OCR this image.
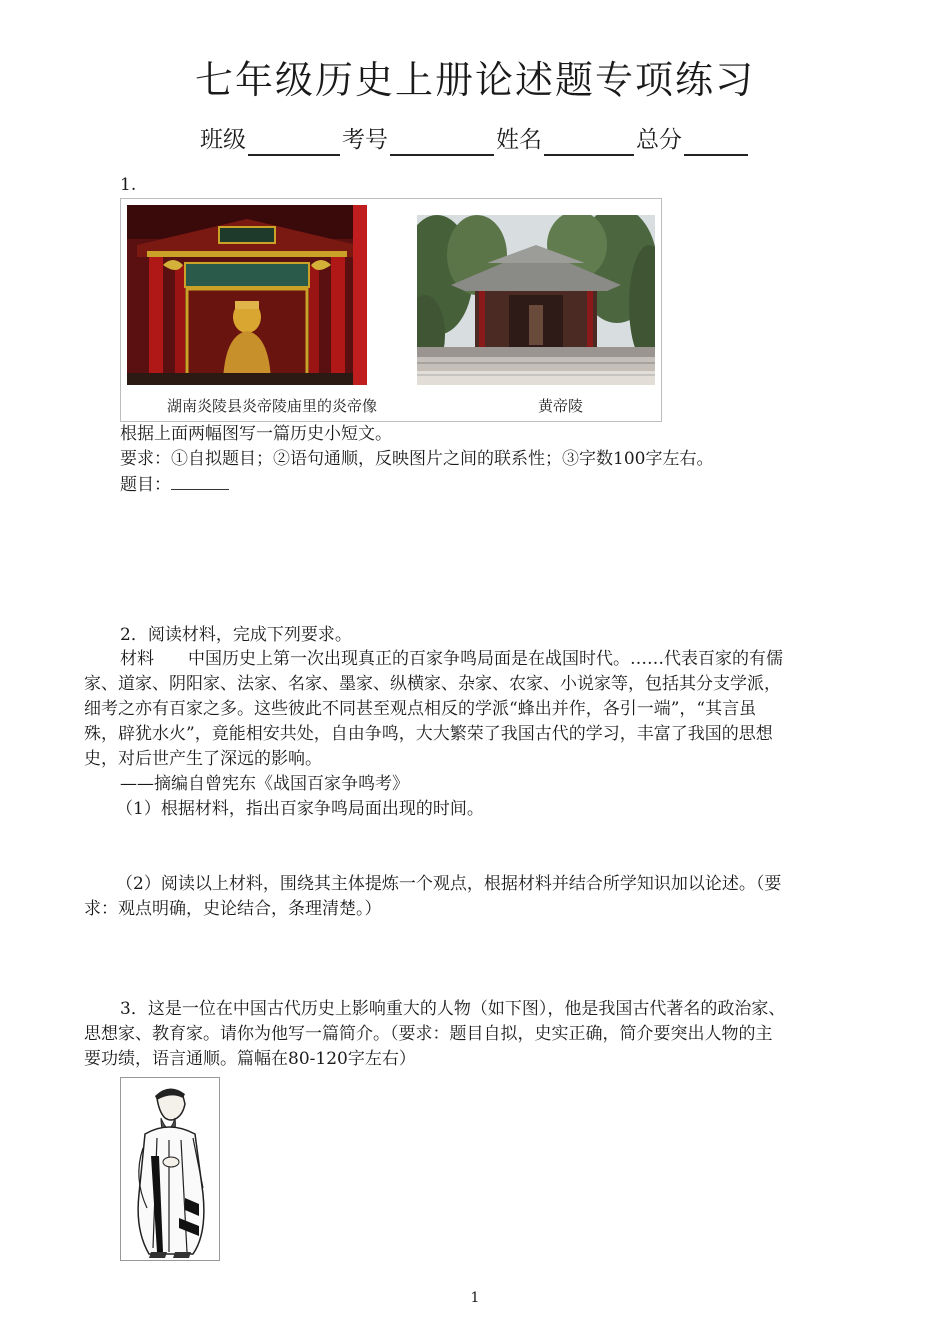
七年级历史上册论述题专项练习
班级	考号	姓名	总分
1.
湖南炎陵县炎帝陵庙里的炎帝像	黄帝陵
根据上面两幅图写一篇历史小短文。
要求：①自拟题目；②语句通顺，反映图片之间的联系性；③字数100字左右。
题目：
2．阅读材料，完成下列要求。
材料　　中国历史上第一次出现真正的百家争鸣局面是在战国时代。……代表百家的有儒
家、道家、阴阳家、法家、名家、墨家、纵横家、杂家、农家、小说家等，包括其分支学派，
细考之亦有百家之多。这些彼此不同甚至观点相反的学派“蜂出并作，各引一端”，“其言虽
殊，辟犹水火”，竟能相安共处，自由争鸣，大大繁荣了我国古代的学习，丰富了我国的思想
史，对后世产生了深远的影响。
——摘编自曾宪东《战国百家争鸣考》
（1）根据材料，指出百家争鸣局面出现的时间。
（2）阅读以上材料，围绕其主体提炼一个观点，根据材料并结合所学知识加以论述。（要
求：观点明确，史论结合，条理清楚。）
3．这是一位在中国古代历史上影响重大的人物（如下图），他是我国古代著名的政治家、
思想家、教育家。请你为他写一篇简介。（要求：题目自拟，史实正确，简介要突出人物的主
要功绩，语言通顺。篇幅在80-120字左右）
1
